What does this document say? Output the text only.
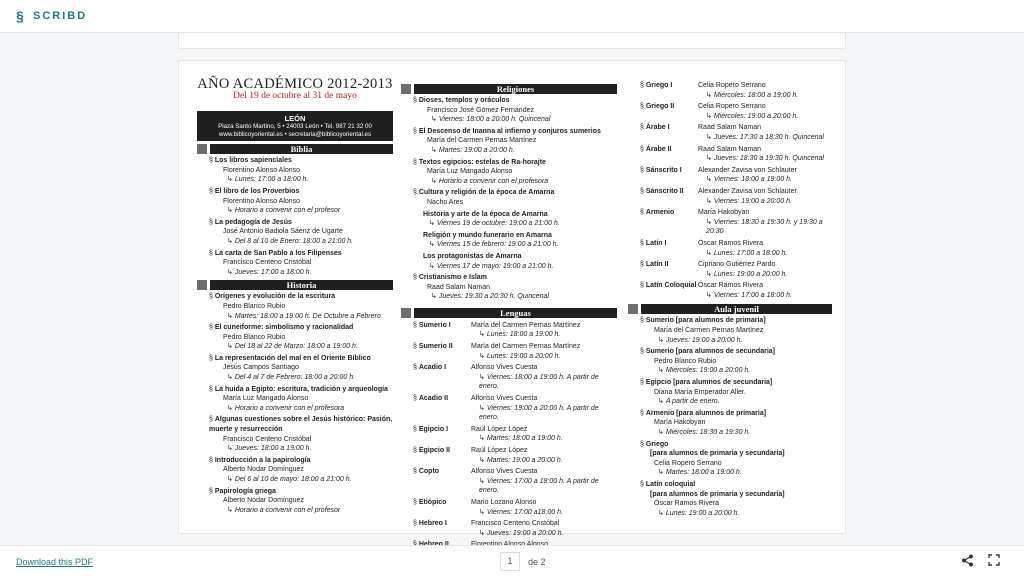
§ SCRIBD
AÑO ACADÉMICO 2012-2013
Del 19 de octubre al 31 de mayo
LEÓN
Plaza Santo Martino, 5 • 24003 León • Tel. 987 21 32 00
www.biblicoyoriental.es • secretaria@biblicoyoriental.es
Biblia
§ Los libros sapienciales
Florentino Alonso Alonso
↳ Lunes: 17:00 a 18:00 h.
§ El libro de los Proverbios
Florentino Alonso Alonso
↳ Horario a convenir con el profesor
§ La pedagogía de Jesús
José Antonio Badiola Sáenz de Ugarte
↳ Del 8 al 10 de Enero: 18:00 a 21:00 h.
§ La carta de San Pablo a los Filipenses
Francisco Centeno Cristóbal
↳ Jueves: 17:00 a 18:00 h.
Historia
§ Orígenes y evolución de la escritura
Pedro Blanco Rubio
↳ Martes: 18:00 a 19:00 h. De Octubre a Febrero
§ El cuneiforme: simbolismo y racionalidad
Pedro Blanco Rubio
↳ Del 18 al 22 de Marzo: 18:00 a 19:00 h.
§ La representación del mal en el Oriente Bíblico
Jesús Campos Santiago
↳ Del 4 al 7 de Febrero: 18:00 a 20:00 h.
§ La huida a Egipto: escritura, tradición y arqueología
María Luz Mangado Alonso
↳ Horario a convenir con el profesora
§ Algunas cuestiones sobre el Jesús histórico: Pasión, muerte y resurrección
Francisco Centeno Cristóbal
↳ Jueves: 18:00 a 19:00 h.
§ Introducción a la papirología
Alberto Nodar Domínguez
↳ Del 6 al 10 de mayo: 18:00 a 21:00 h.
§ Papirología griega
Alberto Nodar Domínguez
↳ Horario a convenir con el profesor
Religiones
§ Dioses, templos y oráculos
Francisco José Gómez Fernández
↳ Viernes: 18:00 a 20:00 h. Quincenal
§ El Descenso de Inanna al infierno y conjuros sumerios
María del Carmen Pernas Martínez
↳ Martes: 19:00 a 20:00 h.
§ Textos egipcios: estelas de Ra-horajte
María Luz Mangado Alonso
↳ Horario a convenir con el profesora
§ Cultura y religión de la época de Amarna
Nacho Ares
Historia y arte de la época de Amarna
↳ Viernes 19 de octubre: 19:00 a 21:00 h.
Religión y mundo funerario en Amarna
↳ Viernes 15 de febrero: 19:00 a 21:00 h.
Los protagonistas de Amarna
↳ Viernes 17 de mayo: 19:00 a 21:00 h.
§ Cristianismo e Islam
Raad Salam Naman
↳ Jueves: 19:30 a 20:30 h. Quincenal
Lenguas
§ Sumerio I	María del Carmen Pernas Martínez
↳ Lunes: 18:00 a 19:00 h.
§ Sumerio II	María del Carmen Pernas Martínez
↳ Lunes: 19:00 a 20:00 h.
§ Acadio I	Alfonso Vives Cuesta
↳ Viernes: 18:00 a 19:00 h. A partir de enero.
§ Acadio II	Alfonso Vives Cuesta
↳ Viernes: 19:00 a 20:00 h. A partir de enero.
§ Egipcio I	Raúl López López
↳ Martes: 18:00 a 19:00 h.
§ Egipcio II	Raúl López López
↳ Martes: 19:00 a 20:00 h.
§ Copto	Alfonso Vives Cuesta
↳ Viernes: 17:00 a 18:00 h. A partir de enero.
§ Etiópico	Mario Lozano Alonso
↳ Viernes: 17:00 a18:00 h.
§ Hebreo I	Francisco Centeno Cristóbal
↳ Jueves: 19:00 a 20:00 h.
§
↳
§ Griego I	Celia Ropero Serrano
↳ Miércoles: 18:00 a 19:00 h.
§ Griego II	Celia Ropero Serrano
↳ Miércoles: 19:00 a 20:00 h.
§ Árabe I	Raad Salam Naman
↳ Jueves: 17:30 a 18:30 h. Quincenal
§ Árabe II	Raad Salam Naman
↳ Jueves: 18:30 a 19:30 h. Quincenal
§ Sánscrito I	Alexander Zavisa von Schlauter
↳ Viernes: 18:00 a 19:00 h.
§ Sánscrito II	Alexander Zavisa von Schlauter
↳ Viernes: 19:00 a 20:00 h.
§ Armenio	María Hakobyan
↳ Viernes: 18:30 a 19:30 h. y 19:30 a 20:30
§ Latín I	Óscar Ramos Rivera
↳ Lunes: 17:00 a 18:00 h.
§ Latín II	Cipriano Gutiérrez Pardo
↳ Lunes: 19:00 a 20:00 h.
§ Latín Coloquial Óscar Ramos Rivera
↳ Viernes: 17:00 a 18:00 h.
Aula juvenil
§ Sumerio [para alumnos de primaria]
María del Carmen Pernas Martínez
↳ Jueves: 19:00 a 20:00 h.
§ Sumerio [para alumnos de secundaria]
Pedro Blanco Rubio
↳ Miércoles: 19:00 a 20:00 h.
§ Egipcio [para alumnos de secundaria]
Diana María Emperador Aller.
↳ A partir de enero.
§ Armenio [para alumnos de primaria]
María Hakobyan
↳ Miércoles: 18:30 a 19:30 h.
§ Griego
[para alumnos de primaria y secundaria]
Celia Ropero Serrano
↳ Martes: 18:00 a 19:00 h.
§ Latín coloquial
[para alumnos de primaria y secundaria]
Óscar Ramos Rivera
↳ Lunes: 19:00 a 20:00 h.
Download this PDF	1	de 2
